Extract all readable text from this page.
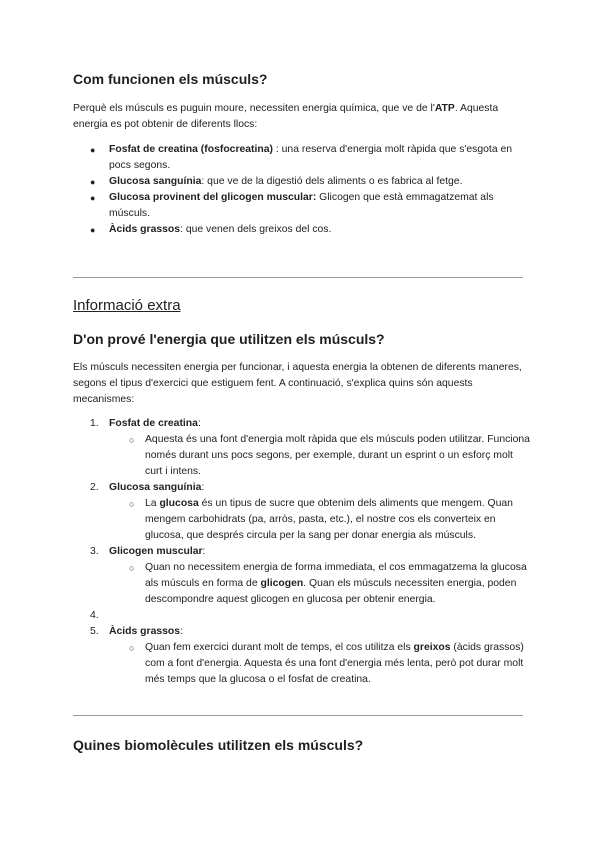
Com funcionen els músculs?

Perquè els músculs es puguin moure, necessiten energia química, que ve de l'ATP. Aquesta energia es pot obtenir de diferents llocs:

● Fosfat de creatina (fosfocreatina) : una reserva d'energia molt ràpida que s'esgota en pocs segons.
● Glucosa sanguínia: que ve de la digestió dels aliments o es fabrica al fetge.
● Glucosa provinent del glicogen muscular: Glicogen que està emmagatzemat als músculs.
● Àcids grassos: que venen dels greixos del cos.
Informació extra
D'on prové l'energia que utilitzen els músculs?

Els músculs necessiten energia per funcionar, i aquesta energia la obtenen de diferents maneres, segons el tipus d'exercici que estiguem fent. A continuació, s'explica quins són aquests mecanismes:

1. Fosfat de creatina:
○ Aquesta és una font d'energia molt ràpida que els músculs poden utilitzar. Funciona només durant uns pocs segons, per exemple, durant un esprint o un esforç molt curt i intens.
2. Glucosa sanguínia:
○ La glucosa és un tipus de sucre que obtenim dels aliments que mengem. Quan mengem carbohidrats (pa, arròs, pasta, etc.), el nostre cos els converteix en glucosa, que després circula per la sang per donar energia als músculs.
3. Glicogen muscular:
○ Quan no necessitem energia de forma immediata, el cos emmagatzema la glucosa als músculs en forma de glicogen. Quan els músculs necessiten energia, poden descompondre aquest glicogen en glucosa per obtenir energia.
4.

5. Àcids grassos:
○ Quan fem exercici durant molt de temps, el cos utilitza els greixos (àcids grassos) com a font d'energia. Aquesta és una font d'energia més lenta, però pot durar molt més temps que la glucosa o el fosfat de creatina.
Quines biomolècules utilitzen els músculs?
